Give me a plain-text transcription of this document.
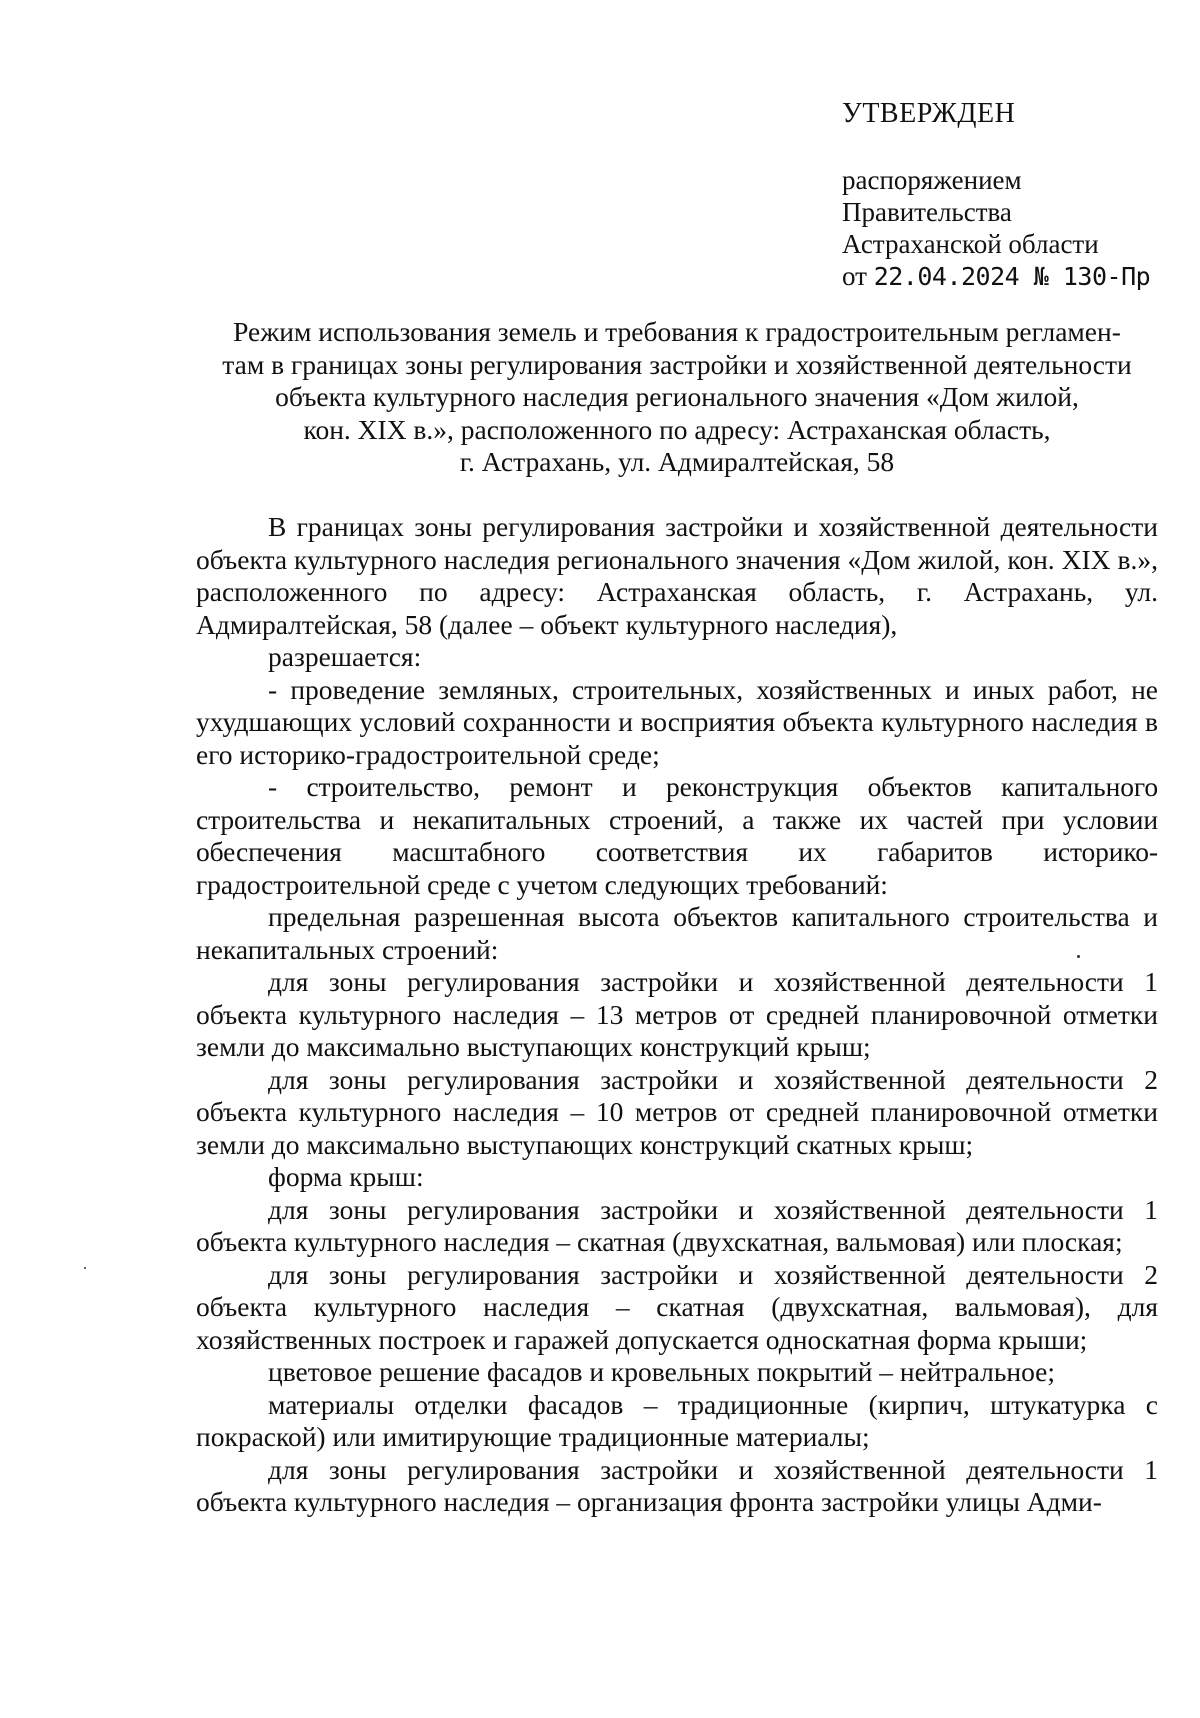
УТВЕРЖДЕН
распоряжением
Правительства
Астраханской области
от 22.04.2024 № 130-Пр
Режим использования земель и требования к градостроительным регламен-
там в границах зоны регулирования застройки и хозяйственной деятельности
объекта культурного наследия регионального значения «Дом жилой,
кон. XIX в.», расположенного по адресу: Астраханская область,
г. Астрахань, ул. Адмиралтейская, 58

В границах зоны регулирования застройки и хозяйственной деятельности объекта культурного наследия регионального значения «Дом жилой, кон. XIX в.», расположенного по адресу: Астраханская область, г. Астрахань, ул. Адмиралтейская, 58 (далее – объект культурного наследия),

разрешается:

- проведение земляных, строительных, хозяйственных и иных работ, не ухудшающих условий сохранности и восприятия объекта культурного наследия в его историко-градостроительной среде;

- строительство, ремонт и реконструкция объектов капитального строительства и некапитальных строений, а также их частей при условии обеспечения масштабного соответствия их габаритов историко-градостроительной среде с учетом следующих требований:

предельная разрешенная высота объектов капитального строительства и некапитальных строений:

для зоны регулирования застройки и хозяйственной деятельности 1 объекта культурного наследия – 13 метров от средней планировочной отметки земли до максимально выступающих конструкций крыш;

для зоны регулирования застройки и хозяйственной деятельности 2 объекта культурного наследия – 10 метров от средней планировочной отметки земли до максимально выступающих конструкций скатных крыш;

форма крыш:

для зоны регулирования застройки и хозяйственной деятельности 1 объекта культурного наследия – скатная (двухскатная, вальмовая) или плоская;

для зоны регулирования застройки и хозяйственной деятельности 2 объекта культурного наследия – скатная (двухскатная, вальмовая), для хозяйственных построек и гаражей допускается односкатная форма крыши;

цветовое решение фасадов и кровельных покрытий – нейтральное;

материалы отделки фасадов – традиционные (кирпич, штукатурка с покраской) или имитирующие традиционные материалы;

для зоны регулирования застройки и хозяйственной деятельности 1 объекта культурного наследия – организация фронта застройки улицы Адми-
